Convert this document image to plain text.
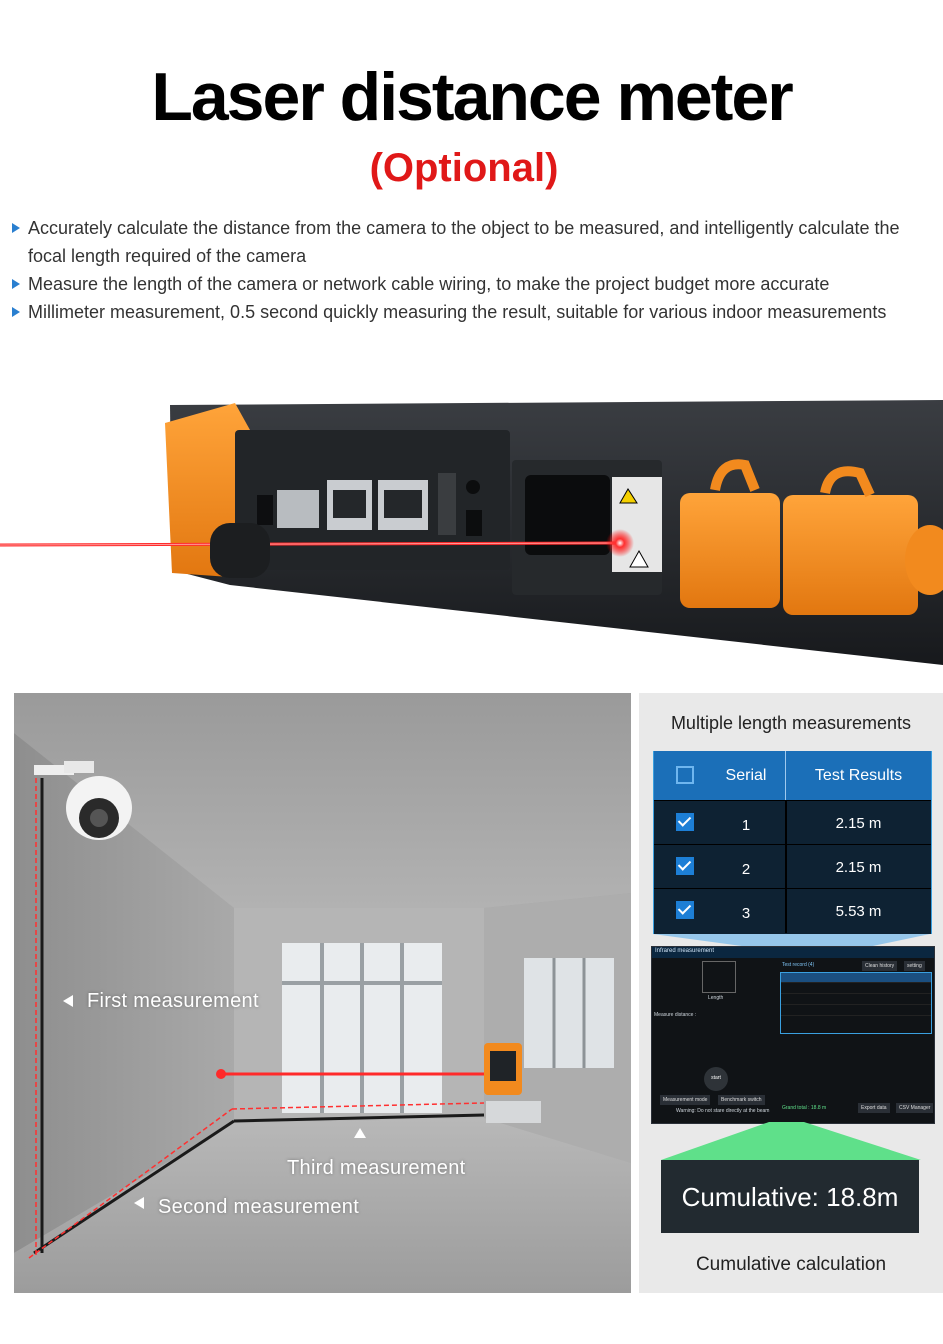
Laser distance meter
(Optional)
Accurately calculate the distance from the camera to the object to be measured, and intelligently calculate the focal length required of the camera
Measure the length of the camera or network cable wiring, to make the project budget more accurate
Millimeter measurement, 0.5 second quickly measuring the result, suitable for various indoor measurements
First measurement
Third measurement
Second measurement
Multiple length measurements
Serial	Test Results
1	2.15 m
2	2.15 m
3	5.53 m
Infrared measurement
Test record (4)	Clean history	setting
Length
Measure distance :
start
Measurement mode	Benchmark switch
Warning: Do not stare directly at the beam	Grand total : 18.8 m	Export data	CSV Manager
Cumulative: 18.8m
Cumulative calculation
